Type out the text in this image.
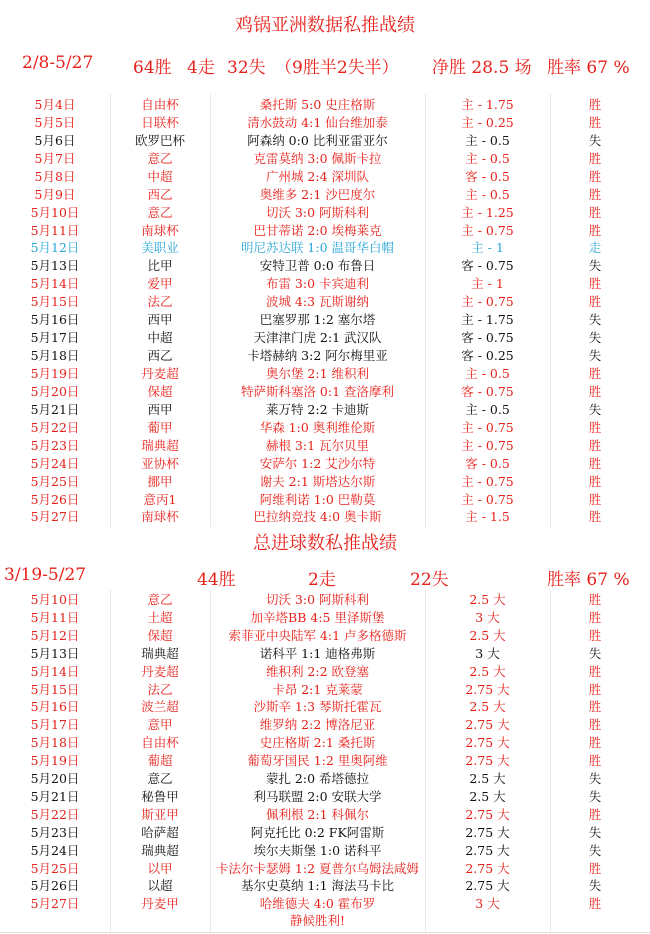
鸡锅亚洲数据私推战绩
2/8-5/27 64胜 4走 32失 （9胜半2失半） 净胜 28.5 场 胜率 67 %
5月4日	自由杯	桑托斯 5:0 史庄格斯	主 - 1.75	胜
5月5日	日联杯	清水鼓动 4:1 仙台维加泰	主 - 0.25	胜
5月6日	欧罗巴杯	阿森纳 0:0 比利亚雷亚尔	主 - 0.5	失
5月7日	意乙	克雷莫纳 3:0 佩斯卡拉	主 - 0.5	胜
5月8日	中超	广州城 2:4 深圳队	客 - 0.5	胜
5月9日	西乙	奥维多 2:1 沙巴度尔	主 - 0.5	胜
5月10日	意乙	切沃 3:0 阿斯科利	主 - 1.25	胜
5月11日	南球杯	巴甘蒂诺 2:0 埃梅莱克	主 - 0.75	胜
5月12日	美职业	明尼苏达联 1:0 温哥华白帽	主 - 1	走
5月13日	比甲	安特卫普 0:0 布鲁日	客 - 0.75	失
5月14日	爱甲	布雷 3:0 卡宾迪利	主 - 1	胜
5月15日	法乙	波城 4:3 瓦斯谢纳	主 - 0.75	胜
5月16日	西甲	巴塞罗那 1:2 塞尔塔	主 - 1.75	失
5月17日	中超	天津津门虎 2:1 武汉队	客 - 0.75	失
5月18日	西乙	卡塔赫纳 3:2 阿尔梅里亚	客 - 0.25	失
5月19日	丹麦超	奥尔堡 2:1 维积利	主 - 0.5	胜
5月20日	保超	特萨斯科塞洛 0:1 查洛摩利	客 - 0.75	胜
5月21日	西甲	莱万特 2:2 卡迪斯	主 - 0.5	失
5月22日	葡甲	华森 1:0 奥利维伦斯	主 - 0.75	胜
5月23日	瑞典超	赫根 3:1 瓦尔贝里	主 - 0.75	胜
5月24日	亚协杯	安萨尔 1:2 艾沙尔特	客 - 0.5	胜
5月25日	挪甲	谢夫 2:1 斯塔达尔斯	主 - 0.75	胜
5月26日	意丙1	阿维利诺 1:0 巴勒莫	主 - 0.75	胜
5月27日	南球杯	巴拉纳竞技 4:0 奥卡斯	主 - 1.5	胜
总进球数私推战绩
3/19-5/27	44胜	2走	22失	胜率 67 %
5月10日	意乙	切沃 3:0 阿斯科利	2.5 大	胜
5月11日	土超	加辛塔BB 4:5 里泽斯堡	3 大	胜
5月12日	保超	索菲亚中央陆军 4:1 卢多格德斯	2.5 大	胜
5月13日	瑞典超	诺科平 1:1 迪格弗斯	3 大	失
5月14日	丹麦超	维积利 2:2 欧登塞	2.5 大	胜
5月15日	法乙	卡昂 2:1 克莱蒙	2.75 大	胜
5月16日	波兰超	沙斯辛 1:3 琴斯托霍瓦	2.5 大	胜
5月17日	意甲	维罗纳 2:2 博洛尼亚	2.75 大	胜
5月18日	自由杯	史庄格斯 2:1 桑托斯	2.75 大	胜
5月19日	葡超	葡萄牙国民 1:2 里奥阿维	2.75 大	胜
5月20日	意乙	蒙扎 2:0 希塔德拉	2.5 大	失
5月21日	秘鲁甲	利马联盟 2:0 安联大学	2.5 大	失
5月22日	斯亚甲	佩利根 2:1 科佩尔	2.75 大	胜
5月23日	哈萨超	阿克托比 0:2 FK阿雷斯	2.75 大	失
5月24日	瑞典超	埃尔夫斯堡 1:0 诺科平	2.75 大	失
5月25日	以甲	卡法尔卡瑟姆 1:2 夏普尔乌姆法咸姆	2.75 大	胜
5月26日	以超	基尔史莫纳 1:1 海法马卡比	2.75 大	失
5月27日	丹麦甲	哈维德夫 4:0 霍布罗	3 大	胜
静候胜利!
